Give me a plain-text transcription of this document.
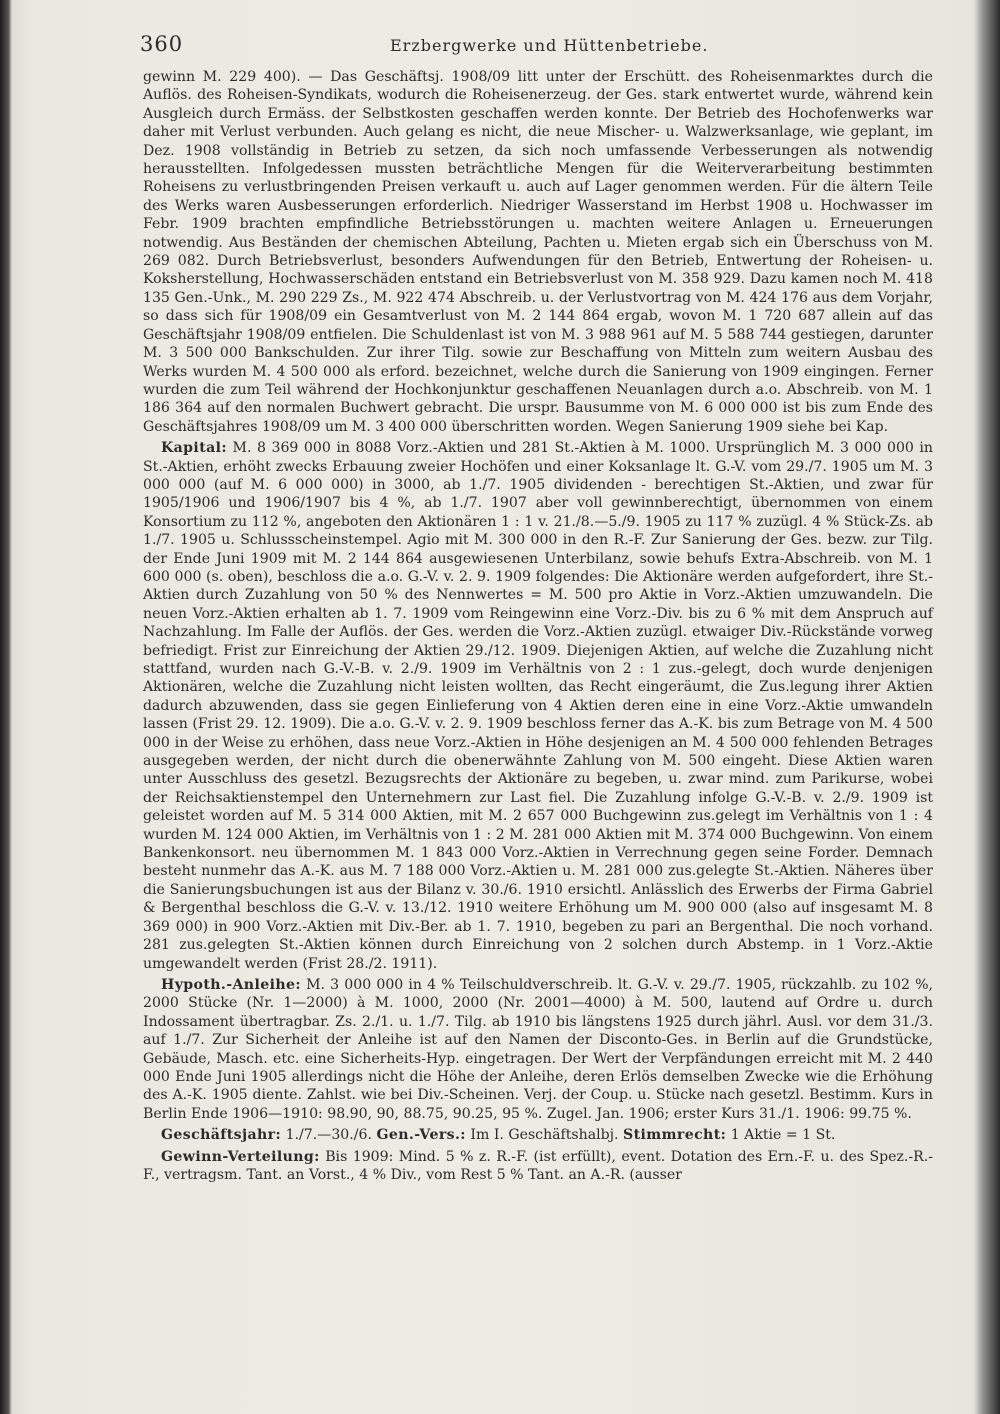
360	Erzbergwerke und Hüttenbetriebe.

gewinn M. 229 400). — Das Geschäftsj. 1908/09 litt unter der Erschütt. des Roheisenmarktes durch die Auflös. des Roheisen-Syndikats, wodurch die Roheisenerzeug. der Ges. stark entwertet wurde, während kein Ausgleich durch Ermäss. der Selbstkosten geschaffen werden konnte. Der Betrieb des Hochofenwerks war daher mit Verlust verbunden. Auch gelang es nicht, die neue Mischer- u. Walzwerksanlage, wie geplant, im Dez. 1908 vollständig in Betrieb zu setzen, da sich noch umfassende Verbesserungen als notwendig herausstellten. Infolgedessen mussten beträchtliche Mengen für die Weiterverarbeitung bestimmten Roheisens zu verlustbringenden Preisen verkauft u. auch auf Lager genommen werden. Für die ältern Teile des Werks waren Ausbesserungen erforderlich. Niedriger Wasserstand im Herbst 1908 u. Hochwasser im Febr. 1909 brachten empfindliche Betriebsstörungen u. machten weitere Anlagen u. Erneuerungen notwendig. Aus Beständen der chemischen Abteilung, Pachten u. Mieten ergab sich ein Überschuss von M. 269 082. Durch Betriebsverlust, besonders Aufwendungen für den Betrieb, Entwertung der Roheisen- u. Koksherstellung, Hochwasserschäden entstand ein Betriebsverlust von M. 358 929. Dazu kamen noch M. 418 135 Gen.-Unk., M. 290 229 Zs., M. 922 474 Abschreib. u. der Verlustvortrag von M. 424 176 aus dem Vorjahr, so dass sich für 1908/09 ein Gesamtverlust von M. 2 144 864 ergab, wovon M. 1 720 687 allein auf das Geschäftsjahr 1908/09 entfielen. Die Schuldenlast ist von M. 3 988 961 auf M. 5 588 744 gestiegen, darunter M. 3 500 000 Bankschulden. Zur ihrer Tilg. sowie zur Beschaffung von Mitteln zum weitern Ausbau des Werks wurden M. 4 500 000 als erford. bezeichnet, welche durch die Sanierung von 1909 eingingen. Ferner wurden die zum Teil während der Hochkonjunktur geschaffenen Neuanlagen durch a.o. Abschreib. von M. 1 186 364 auf den normalen Buchwert gebracht. Die urspr. Bausumme von M. 6 000 000 ist bis zum Ende des Geschäftsjahres 1908/09 um M. 3 400 000 überschritten worden. Wegen Sanierung 1909 siehe bei Kap.

Kapital: M. 8 369 000 in 8088 Vorz.-Aktien und 281 St.-Aktien à M. 1000. Ursprünglich M. 3 000 000 in St.-Aktien, erhöht zwecks Erbauung zweier Hochöfen und einer Koksanlage lt. G.-V. vom 29./7. 1905 um M. 3 000 000 (auf M. 6 000 000) in 3000, ab 1./7. 1905 dividenden - berechtigen St.-Aktien, und zwar für 1905/1906 und 1906/1907 bis 4 %, ab 1./7. 1907 aber voll gewinnberechtigt, übernommen von einem Konsortium zu 112 %, angeboten den Aktionären 1 : 1 v. 21./8.—5./9. 1905 zu 117 % zuzügl. 4 % Stück-Zs. ab 1./7. 1905 u. Schlussscheinstempel. Agio mit M. 300 000 in den R.-F. Zur Sanierung der Ges. bezw. zur Tilg. der Ende Juni 1909 mit M. 2 144 864 ausgewiesenen Unterbilanz, sowie behufs Extra-Abschreib. von M. 1 600 000 (s. oben), beschloss die a.o. G.-V. v. 2. 9. 1909 folgendes: Die Aktionäre werden aufgefordert, ihre St.-Aktien durch Zuzahlung von 50 % des Nennwertes = M. 500 pro Aktie in Vorz.-Aktien umzuwandeln. Die neuen Vorz.-Aktien erhalten ab 1. 7. 1909 vom Reingewinn eine Vorz.-Div. bis zu 6 % mit dem Anspruch auf Nachzahlung. Im Falle der Auflös. der Ges. werden die Vorz.-Aktien zuzügl. etwaiger Div.-Rückstände vorweg befriedigt. Frist zur Einreichung der Aktien 29./12. 1909. Diejenigen Aktien, auf welche die Zuzahlung nicht stattfand, wurden nach G.-V.-B. v. 2./9. 1909 im Verhältnis von 2 : 1 zus.-gelegt, doch wurde denjenigen Aktionären, welche die Zuzahlung nicht leisten wollten, das Recht eingeräumt, die Zus.legung ihrer Aktien dadurch abzuwenden, dass sie gegen Einlieferung von 4 Aktien deren eine in eine Vorz.-Aktie umwandeln lassen (Frist 29. 12. 1909). Die a.o. G.-V. v. 2. 9. 1909 beschloss ferner das A.-K. bis zum Betrage von M. 4 500 000 in der Weise zu erhöhen, dass neue Vorz.-Aktien in Höhe desjenigen an M. 4 500 000 fehlenden Betrages ausgegeben werden, der nicht durch die obenerwähnte Zahlung von M. 500 eingeht. Diese Aktien waren unter Ausschluss des gesetzl. Bezugsrechts der Aktionäre zu begeben, u. zwar mind. zum Parikurse, wobei der Reichsaktienstempel den Unternehmern zur Last fiel. Die Zuzahlung infolge G.-V.-B. v. 2./9. 1909 ist geleistet worden auf M. 5 314 000 Aktien, mit M. 2 657 000 Buchgewinn zus.gelegt im Verhältnis von 1 : 4 wurden M. 124 000 Aktien, im Verhältnis von 1 : 2 M. 281 000 Aktien mit M. 374 000 Buchgewinn. Von einem Bankenkonsort. neu übernommen M. 1 843 000 Vorz.-Aktien in Verrechnung gegen seine Forder. Demnach besteht nunmehr das A.-K. aus M. 7 188 000 Vorz.-Aktien u. M. 281 000 zus.gelegte St.-Aktien. Näheres über die Sanierungsbuchungen ist aus der Bilanz v. 30./6. 1910 ersichtl. Anlässlich des Erwerbs der Firma Gabriel & Bergenthal beschloss die G.-V. v. 13./12. 1910 weitere Erhöhung um M. 900 000 (also auf insgesamt M. 8 369 000) in 900 Vorz.-Aktien mit Div.-Ber. ab 1. 7. 1910, begeben zu pari an Bergenthal. Die noch vorhand. 281 zus.gelegten St.-Aktien können durch Einreichung von 2 solchen durch Abstemp. in 1 Vorz.-Aktie umgewandelt werden (Frist 28./2. 1911).

Hypoth.-Anleihe: M. 3 000 000 in 4 % Teilschuldverschreib. lt. G.-V. v. 29./7. 1905, rückzahlb. zu 102 %, 2000 Stücke (Nr. 1—2000) à M. 1000, 2000 (Nr. 2001—4000) à M. 500, lautend auf Ordre u. durch Indossament übertragbar. Zs. 2./1. u. 1./7. Tilg. ab 1910 bis längstens 1925 durch jährl. Ausl. vor dem 31./3. auf 1./7. Zur Sicherheit der Anleihe ist auf den Namen der Disconto-Ges. in Berlin auf die Grundstücke, Gebäude, Masch. etc. eine Sicherheits-Hyp. eingetragen. Der Wert der Verpfändungen erreicht mit M. 2 440 000 Ende Juni 1905 allerdings nicht die Höhe der Anleihe, deren Erlös demselben Zwecke wie die Erhöhung des A.-K. 1905 diente. Zahlst. wie bei Div.-Scheinen. Verj. der Coup. u. Stücke nach gesetzl. Bestimm. Kurs in Berlin Ende 1906—1910: 98.90, 90, 88.75, 90.25, 95 %. Zugel. Jan. 1906; erster Kurs 31./1. 1906: 99.75 %.

Geschäftsjahr: 1./7.—30./6. Gen.-Vers.: Im I. Geschäftshalbj. Stimmrecht: 1 Aktie = 1 St.

Gewinn-Verteilung: Bis 1909: Mind. 5 % z. R.-F. (ist erfüllt), event. Dotation des Ern.-F. u. des Spez.-R.-F., vertragsm. Tant. an Vorst., 4 % Div., vom Rest 5 % Tant. an A.-R. (ausser
